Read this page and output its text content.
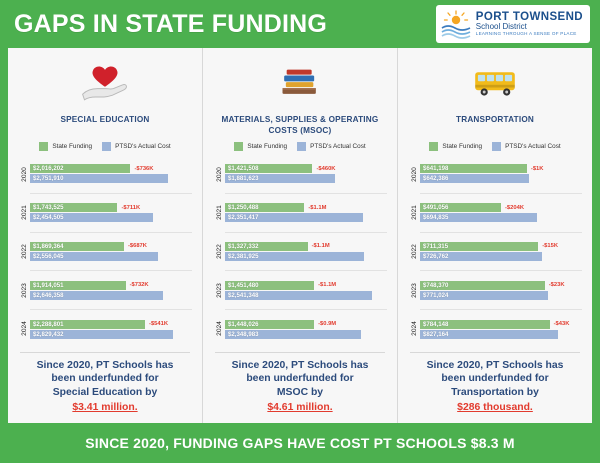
GAPS IN STATE FUNDING	PORT TOWNSEND
School District
LEARNING THROUGH A SENSE OF PLACE
SPECIAL EDUCATION
State Funding	PTSD's Actual Cost
2020
2021
2022
2023
2024
$2,016,202	-$736K
$2,751,910
$1,743,525	-$711K
$2,454,505
$1,869,364	-$687K
$2,556,045
$1,914,051	-$732K
$2,646,358
$2,288,801	-$541K
$2,829,432
Since 2020, PT Schools has
been underfunded for
Special Education by
$3.41 million.
MATERIALS, SUPPLIES & OPERATING COSTS (MSOC)
State Funding	PTSD's Actual Cost
2020
2021
2022
2023
2024
$1,421,508	-$460K
$1,881,623
$1,250,488	-$1.1M
$2,351,417
$1,327,332	-$1.1M
$2,381,925
$1,451,480	-$1.1M
$2,541,348
$1,448,026	-$0.9M
$2,348,983
Since 2020, PT Schools has
been underfunded for
MSOC by
$4.61 million.
TRANSPORTATION
State Funding	PTSD's Actual Cost
2020
2021
2022
2023
2024
$641,198	-$1K
$642,386
$491,056	-$204K
$694,835
$711,315	-$15K
$726,762
$748,370	-$23K
$771,024
$784,148	-$43K
$827,164
Since 2020, PT Schools has
been underfunded for
Transportation by
$286 thousand.
SINCE 2020, FUNDING GAPS HAVE COST PT SCHOOLS $8.3 M
